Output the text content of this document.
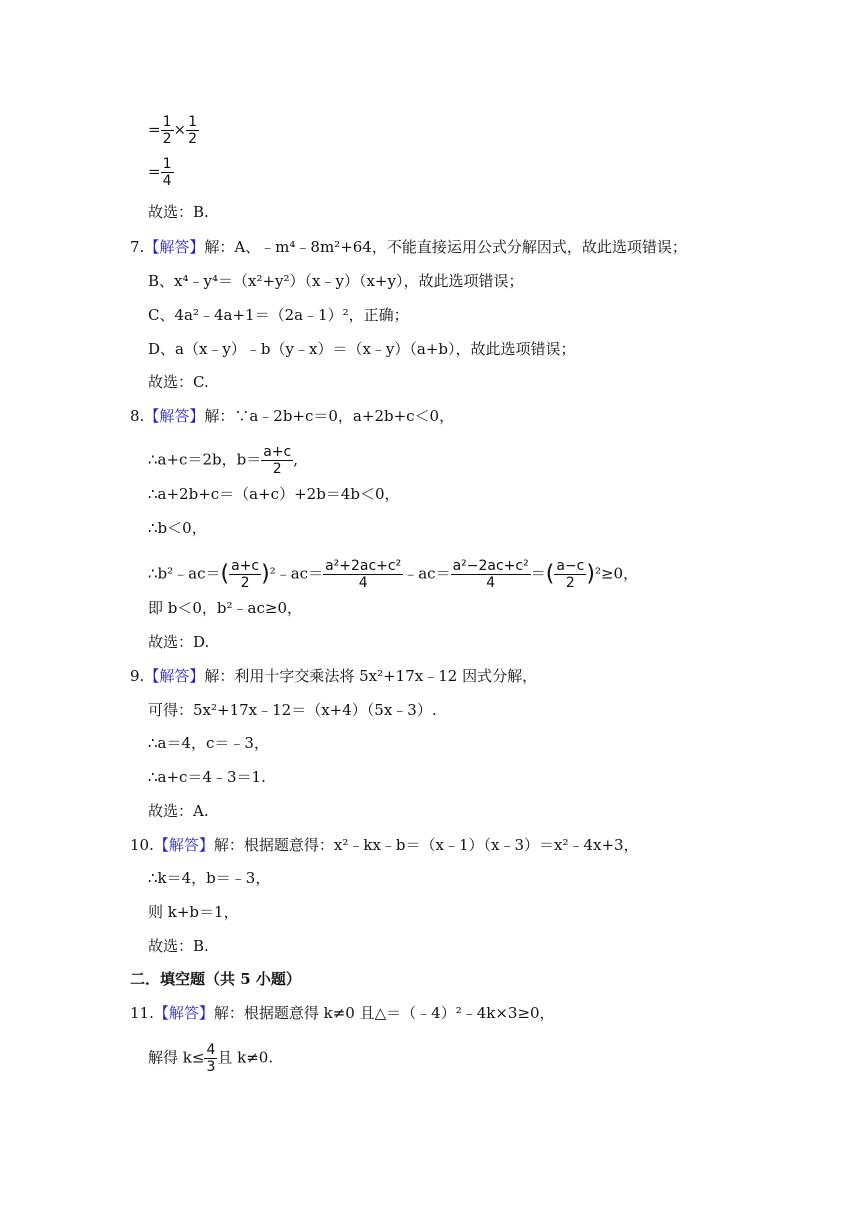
= $\frac{1}{2} \times \frac{1}{2}$
= $\frac{1}{4}$
故选：B.
7.【解答】解：A、﹣m⁴﹣8m²+64，不能直接运用公式分解因式，故此选项错误；
B、x⁴﹣y⁴＝（x²+y²）（x﹣y）（x+y），故此选项错误；
C、4a²﹣4a+1＝（2a﹣1）²，正确；
D、a（x﹣y）﹣b（y﹣x）＝（x﹣y）（a+b），故此选项错误；
故选：C.
8.【解答】解：∵a﹣2b+c＝0，a+2b+c＜0，
∴a+c＝2b，$b= \frac{a+c}{2}$ ,
∴a+2b+c＝（a+c）+2b＝4b＜0，
∴b＜0，
∴b²﹣ac＝( $\frac{a+c}{2}$ )²﹣ac＝ $\frac{\text{a²+2ac+c²}}{4}$ ﹣ac＝ $\frac{\text{a²−2ac+c²}}{4}$ ＝( $\frac{a-c}{2} )^2\ge 0$，
即 b＜0，b²﹣ac≥0，
故选：D.
9.【解答】解：利用十字交乘法将 5x²+17x﹣12 因式分解，
可得：5x²+17x﹣12＝（x+4）（5x﹣3）.
∴a＝4，c＝﹣3，
∴a+c＝4﹣3＝1.
故选：A.
10.【解答】解：根据题意得：x²﹣kx﹣b＝（x﹣1）（x﹣3）＝x²﹣4x+3，
∴k＝4，b＝﹣3，
则 k+b＝1，
故选：B.
二．填空题（共 5 小题）
11.【解答】解：根据题意得 k≠0 且△＝（﹣4）²﹣4k×3≥0，
解得 $k\le \frac{4}{3}$ 且 k≠0.
